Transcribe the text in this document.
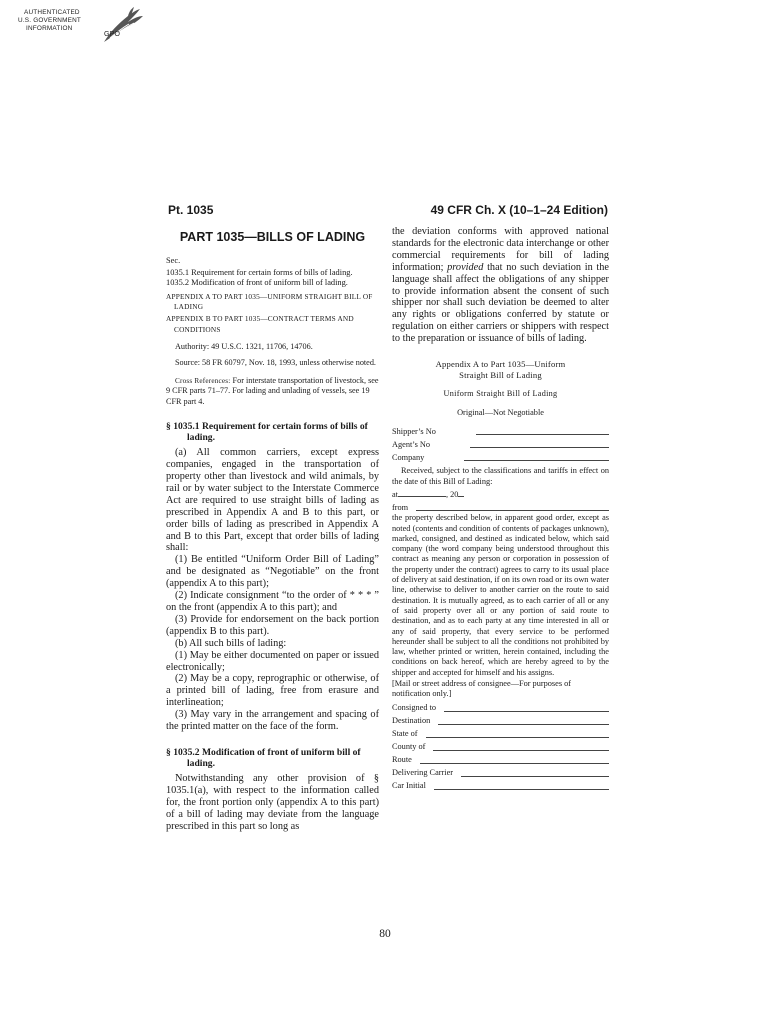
AUTHENTICATED
U.S. GOVERNMENT
INFORMATION
GPO
Pt. 1035	49 CFR Ch. X (10–1–24 Edition)
PART 1035—BILLS OF LADING
Sec.

1035.1 Requirement for certain forms of bills of lading.

1035.2 Modification of front of uniform bill of lading.

APPENDIX A TO PART 1035—UNIFORM STRAIGHT BILL OF LADING

APPENDIX B TO PART 1035—CONTRACT TERMS AND CONDITIONS

Authority: 49 U.S.C. 1321, 11706, 14706.

Source: 58 FR 60797, Nov. 18, 1993, unless otherwise noted.

Cross References: For interstate transportation of livestock, see 9 CFR parts 71–77. For lading and unlading of vessels, see 19 CFR part 4.

§ 1035.1 Requirement for certain forms of bills of lading.

(a) All common carriers, except express companies, engaged in the transportation of property other than livestock and wild animals, by rail or by water subject to the Interstate Commerce Act are required to use straight bills of lading as prescribed in Appendix A and B to this part, or order bills of lading as prescribed in Appendix A and B to this Part, except that order bills of lading shall:

(1) Be entitled “Uniform Order Bill of Lading” and be designated as “Negotiable” on the front (appendix A to this part);

(2) Indicate consignment “to the order of * * * ” on the front (appendix A to this part); and

(3) Provide for endorsement on the back portion (appendix B to this part).

(b) All such bills of lading:

(1) May be either documented on paper or issued electronically;

(2) May be a copy, reprographic or otherwise, of a printed bill of lading, free from erasure and interlineation;

(3) May vary in the arrangement and spacing of the printed matter on the face of the form.

§ 1035.2 Modification of front of uniform bill of lading.

Notwithstanding any other provision of § 1035.1(a), with respect to the information called for, the front portion only (appendix A to this part) of a bill of lading may deviate from the language prescribed in this part so long as

the deviation conforms with approved national standards for the electronic data interchange or other commercial requirements for bill of lading information; provided that no such deviation in the language shall affect the obligations of any shipper to provide information absent the consent of such shipper nor shall such deviation be deemed to alter any rights or obligations conferred by statute or regulation on either carriers or shippers with respect to the preparation or issuance of bills of lading.

Appendix A to Part 1035—Uniform
Straight Bill of Lading
Uniform Straight Bill of Lading
Original—Not Negotiable
Shipper’s No
Agent’s No
Company

Received, subject to the classifications and tariffs in effect on the date of this Bill of Lading:

at	, 20

from

the property described below, in apparent good order, except as noted (contents and condition of contents of packages unknown), marked, consigned, and destined as indicated below, which said company (the word company being understood throughout this contract as meaning any person or corporation in possession of the property under the contract) agrees to carry to its usual place of delivery at said destination, if on its own road or its own water line, otherwise to deliver to another carrier on the route to said destination. It is mutually agreed, as to each carrier of all or any of said property over all or any portion of said route to destination, and as to each party at any time interested in all or any of said property, that every service to be performed hereunder shall be subject to all the conditions not prohibited by law, whether printed or written, herein contained, including the conditions on back hereof, which are hereby agreed to by the shipper and accepted for himself and his assigns.

[Mail or street address of consignee—For purposes of notification only.]

Consigned to
Destination
State of
County of
Route
Delivering Carrier
Car Initial
80
